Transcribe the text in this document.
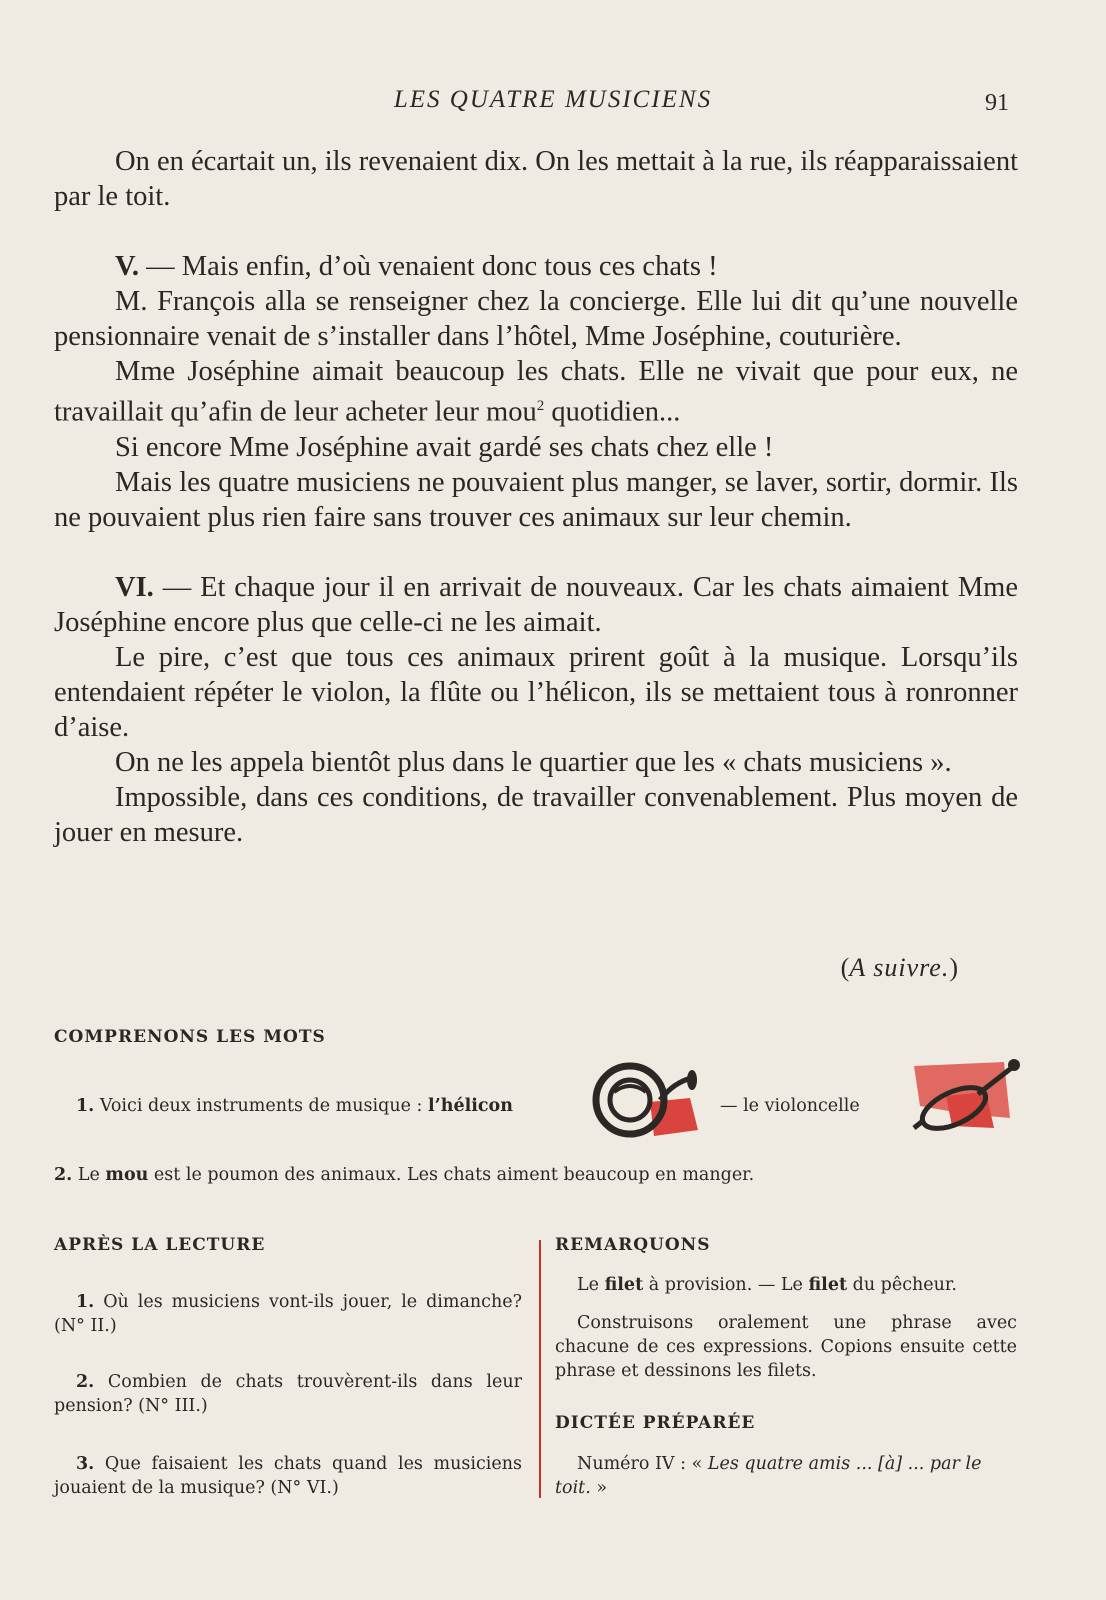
LES QUATRE MUSICIENS	91

On en écartait un, ils revenaient dix. On les mettait à la rue, ils réapparaissaient par le toit.

V. — Mais enfin, d’où venaient donc tous ces chats !

M. François alla se renseigner chez la concierge. Elle lui dit qu’une nouvelle pensionnaire venait de s’installer dans l’hôtel, Mme Joséphine, couturière.

Mme Joséphine aimait beaucoup les chats. Elle ne vivait que pour eux, ne travaillait qu’afin de leur acheter leur mou$^2$ quotidien...

Si encore Mme Joséphine avait gardé ses chats chez elle !

Mais les quatre musiciens ne pouvaient plus manger, se laver, sortir, dormir. Ils ne pouvaient plus rien faire sans trouver ces animaux sur leur chemin.

VI. — Et chaque jour il en arrivait de nouveaux. Car les chats aimaient Mme Joséphine encore plus que celle-ci ne les aimait.

Le pire, c’est que tous ces animaux prirent goût à la musique. Lorsqu’ils entendaient répéter le violon, la flûte ou l’hélicon, ils se mettaient tous à ronronner d’aise.

On ne les appela bientôt plus dans le quartier que les « chats musiciens ».

Impossible, dans ces conditions, de travailler convenablement. Plus moyen de jouer en mesure.

(A suivre.)
COMPRENONS LES MOTS
1. Voici deux instruments de musique : l’hélicon	— le violoncelle
2. Le mou est le poumon des animaux. Les chats aiment beaucoup en manger.
APRÈS LA LECTURE
1. Où les musiciens vont-ils jouer, le dimanche? (N° II.)
2. Combien de chats trouvèrent-ils dans leur pension? (N° III.)
3. Que faisaient les chats quand les musiciens jouaient de la musique? (N° VI.)
REMARQUONS
Le filet à provision. — Le filet du pêcheur.
Construisons oralement une phrase avec chacune de ces expressions. Copions ensuite cette phrase et dessinons les filets.
DICTÉE PRÉPARÉE
Numéro IV : « Les quatre amis ... [à] ... par le toit. »
